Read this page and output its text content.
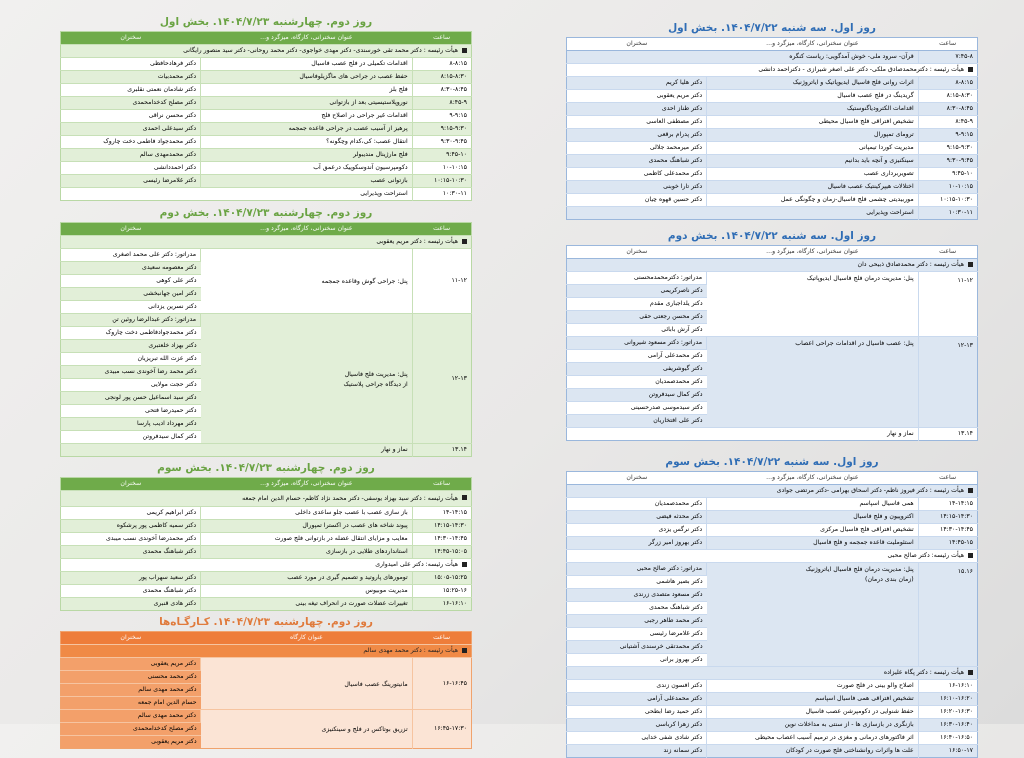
روز دوم. چهارشنبه ۱۴۰۴/۷/۲۳. بخش اول
ساعت	عنوان سخنرانی، کارگاه، میزگرد و...	سخنران
هیأت رئیسه : دکتر محمد تقی خورسندی- دکتر مهدی خواجوی- دکتر محمد روحانی- دکتر سید منصور رایگانی
۸-۸:۱۵	اقدامات تکمیلی در فلج عصب فاسیال	دکتر فرهادحافظی
۸:۱۵-۸:۳۰	حفظ عصب در جراحی های ماگزیلوفاسیال	دکتر محمدبیات
۸:۳۰-۸:۴۵	فلج بلز	دکتر شادمان نعمتی نقلبری
۸:۴۵-۹	نوروپلاستیسیتی بعد از بازتوانی	دکتر مصلح کدخدامحمدی
۹-۹:۱۵	اقدامات غیر جراحی در اصلاح فلج	دکتر محسن نراقی
۹:۱۵-۹:۳۰	پرهیز از آسیب عصب در جراحی قاعده جمجمه	دکتر سیدعلی احمدی
۹:۳۰-۹:۴۵	انتقال عصب: کی،کدام وچگونه؟	دکتر محمدجواد فاطمی دخت چاروک
۹:۴۵-۱۰	فلج مارژینال مندیبولر	دکتر محمدمهدی سالم
۱۰-۱۰:۱۵	دکومپرسیون آندوسکوپیک درعمق آب	دکتر احمددانشی
۱۰:۱۵-۱۰:۳۰	بازتوانی عصب	دکتر غلامرضا رئیسی
۱۰:۳۰-۱۱	استراحت وپذیرایی
روز دوم. چهارشنبه ۱۴۰۴/۷/۲۳. بخش دوم
ساعت	عنوان سخنرانی، کارگاه، میزگرد و...	سخنران
هیأت رئیسه : دکتر مریم یعقوبی
۱۱-۱۲	
پنل: جراحی گوش وقاعده جمجمه
	مدراتور: دکتر علی محمد اصغری
دکتر معصومه سعیدی
دکتر علی کوهی
دکتر امین جهانبخشی
دکتر نسرین یزدانی
۱۲-۱۳	
پنل: مدیریت فلج فاسیال
از دیدگاه جراحی پلاستیک
	مدراتور: دکتر عبدالرضا روئین تن
دکتر محمدجوادفاطمی دخت چاروک
دکتر بهزاد خلعتبری
دکتر عزت الله تبریزیان
دکتر محمد رضا آخوندی نسب مبیدی
دکتر حجت مولایی
دکتر سید اسماعیل حسن پور لونجی
دکتر حمیدرضا فتحی
دکتر مهرداد ادیب پارسا
دکتر کمال سیدفروتن
۱۳.۱۴	نماز و نهار
روز دوم. چهارشنبه ۱۴۰۴/۷/۲۳. بخش سوم
ساعت	عنوان سخنرانی، کارگاه، میزگرد و...	سخنران
هیأت رئیسه : دکتر سید بهزاد یوسفی- دکتر محمد نژاد کاظم- حسام الدین امام جمعه
۱۴-۱۴:۱۵	باز سازی عصب با عصب جلو ساعدی داخلی	دکتر ابراهیم کریمی
۱۴:۱۵-۱۴:۳۰	پیوند شاخه های عصب در اکسترا تمپورال	دکتر سمیه کاظمی پور پرشکوه
۱۴:۳۰-۱۴:۴۵	معایب و مزایای انتقال عضله در بازتوانی فلج صورت	دکتر محمدرضا آخوندی نسب میبدی
۱۴:۴۵-۱۵:۰۵	استانداردهای طلایی در بازسازی	دکتر شباهنگ محمدی
هیأت رئیسه: دکتر علی امیدواری
۱۵:۰۵-۱۵:۲۵	تومورهای پاروتید و تصمیم گیری در مورد عصب	دکتر سعید سهراب پور
۱۵:۲۵-۱۶	مدیریت موبیوس	دکتر شباهنگ محمدی
۱۶-۱۶:۱۰	تغییرات عضلات صورت در انحراف تیغه بینی	دکتر هادی قنبری
روز دوم. چهارشنبه ۱۴۰۴/۷/۲۳. کـارگـاه‌ها
ساعت	عنوان کارگاه	سخنران
هیأت رئیسه : دکتر محمد مهدی سالم
۱۶-۱۶:۴۵	
مانیتورینگ عصب فاسیال
	دکتر مریم یعقوبی
دکتر محمد محسنی
دکتر محمد مهدی سالم
حسام الدین امام جمعه
۱۶:۴۵-۱۷:۳۰	
تزریق بوتاکس در فلج و سینکنیزی
	دکتر محمد مهدی سالم
دکتر مصلح کدخدامحمدی
دکتر مریم یعقوبی
روز اول. سه شنبه ۱۴۰۴/۷/۲۲. بخش اول
ساعت	عنوان سخنرانی، کارگاه، میزگرد و...	سخنران
۷:۴۵-۸	قرآن- سرود ملی- خوش آمدگویی: ریاست کنگره
هیأت رئیسه : دکترمحمدصادق ملکی- دکتر علی اصغر شیرازی - دکتراحمد دانشی
۸-۸:۱۵	اثرات روانی فلج فاسیال ایدیوپاتیک و ایاتروژنیک	دکتر هلیا کریم
۸:۱۵-۸:۳۰	گریدینگ در فلج عصب فاسیال	دکتر مریم یعقوبی
۸:۳۰-۸:۴۵	اقدامات الکترودیاگنوستیک	دکتر طناز احدی
۸:۴۵-۹	تشخیص افتراقی فلج فاسیال محیطی	دکتر مصطفی العاسی
۹-۹:۱۵	ترومای تمپورال	دکتر پدرام برقعی
۹:۱۵-۹:۳۰	مدیریت کوردا تیمپانی	دکتر میرمحمد جلالی
۹:۳۰-۹:۴۵	سینکنیزی و آنچه باید بدانیم	دکتر شباهنگ محمدی
۹:۴۵-۱۰	تصویربرداری عصب	دکتر محمدعلی کاظمی
۱۰-۱۰:۱۵	اختلالات هیپرکینتیک عصب فاسیال	دکتر تارا خوبنی
۱۰:۱۵-۱۰:۳۰	موربیدیتی چشمی فلج فاسیال-زمان و چگونگی عمل	دکتر حسین قهوه چیان
۱۰:۳۰-۱۱	استراحت وپذیرایی
روز اول. سه شنبه ۱۴۰۴/۷/۲۲. بخش دوم
ساعت	عنوان سخنرانی، کارگاه، میزگرد و...	سخنران
هیأت رئیسه : دکتر محمدصادق ذبیحی دان
۱۱-۱۲	
پنل: مدیریت درمان فلج فاسیال ایدیوپاتیک
	مدراتور: دکترمحمدمحسنی
دکتر ناصرکریمی
دکتر یلداجباری مقدم
دکتر محسن رجعتی حقی
دکتر آرش بابائی
۱۲-۱۳	
پنل: عصب فاسیال در اقدامات جراحی اعصاب
	مدراتور: دکتر مسعود شیروانی
دکتر محمدعلی آرامی
دکتر گیوشریفی
دکتر محمدصمدیان
دکتر کمال سیدفروتن
دکتر سیدموسی صدرحسینی
دکتر علی افتخاریان
۱۳.۱۴	نماز و نهار
روز اول. سه شنبه ۱۴۰۴/۷/۲۲. بخش سوم
ساعت	عنوان سخنرانی، کارگاه، میزگرد و...	سخنران
هیأت رئیسه : دکتر فیروز ناظم- دکتر اسحاق بهرامی -دکتر مرتضی جوادی
۱۴-۱۴:۱۵	همی فاسیال اسپاسم	دکتر محمدصمدیان
۱۴:۱۵-۱۴:۳۰	اکتروپیون و فلج فاسیال	دکتر محدثه فیضی
۱۴:۳۰-۱۴:۴۵	تشخیص افتراقی فلج فاسیال مرکزی	دکتر نرگس یزدی
۱۴:۴۵-۱۵	استئوملیت قاعده جمجمه و فلج فاسیال	دکتر بهروز امیر زرگر
هیأت رئیسه: دکتر صالح محبی
۱۵.۱۶	
پنل: مدیریت درمان فلج فاسیال ایاتروژنیک
(زمان بندی درمان)
	مدراتور: دکتر صالح محبی
دکتر بصیر هاشمی
دکتر مسعود متصدی زرندی
دکتر شباهنگ محمدی
دکتر محمد طاهر رجبی
دکتر غلامرضا رئیسی
دکتر محمدتقی خرسندی آشتیانی
دکتر بهروز برانی
هیأت رئیسه : دکتر پگاه علیزاده
۱۶-۱۶:۱۰	اصلاح والو بینی در فلج صورت	دکتر افسون زندی
۱۶:۱۰-۱۶:۲۰	تشخیص افتراقی همی فاسیال اسپاسم	دکتر محمدعلی آرامی
۱۶:۲۰-۱۶:۳۰	حفظ شنوایی در دکومپرشن عصب فاسیال	دکتر حمید رضا ابطحی
۱۶:۳۰-۱۶:۴۰	بازنگری در بازسازی ها - از سنتی به مداخلات نوین	دکتر زهرا کرباسی
۱۶:۴۰-۱۶:۵۰	اثر فاکتورهای درمانی و مغزی در ترمیم آسیب اعصاب محیطی	دکتر شادی شفی خدایی
۱۶:۵۰-۱۷	علت ها واثرات روانشناختی فلج صورت در کودکان	دکتر سمانه زند
